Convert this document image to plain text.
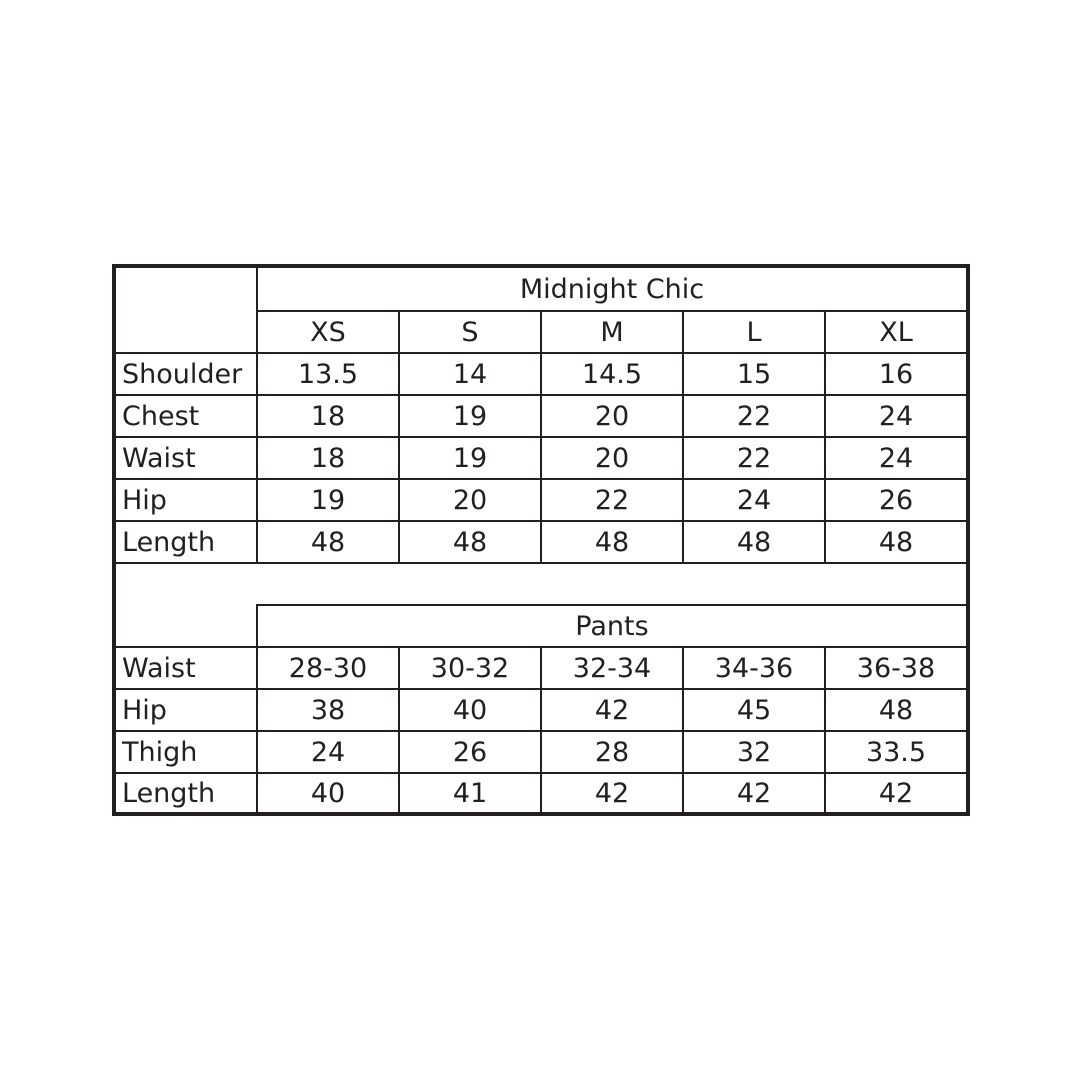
Midnight Chic
XS	S	M	L	XL
Shoulder	13.5	14	14.5	15	16
Chest	18	19	20	22	24
Waist	18	19	20	22	24
Hip	19	20	22	24	26
Length	48	48	48	48	48
Pants
Waist	28-30	30-32	32-34	34-36	36-38
Hip	38	40	42	45	48
Thigh	24	26	28	32	33.5
Length	40	41	42	42	42
